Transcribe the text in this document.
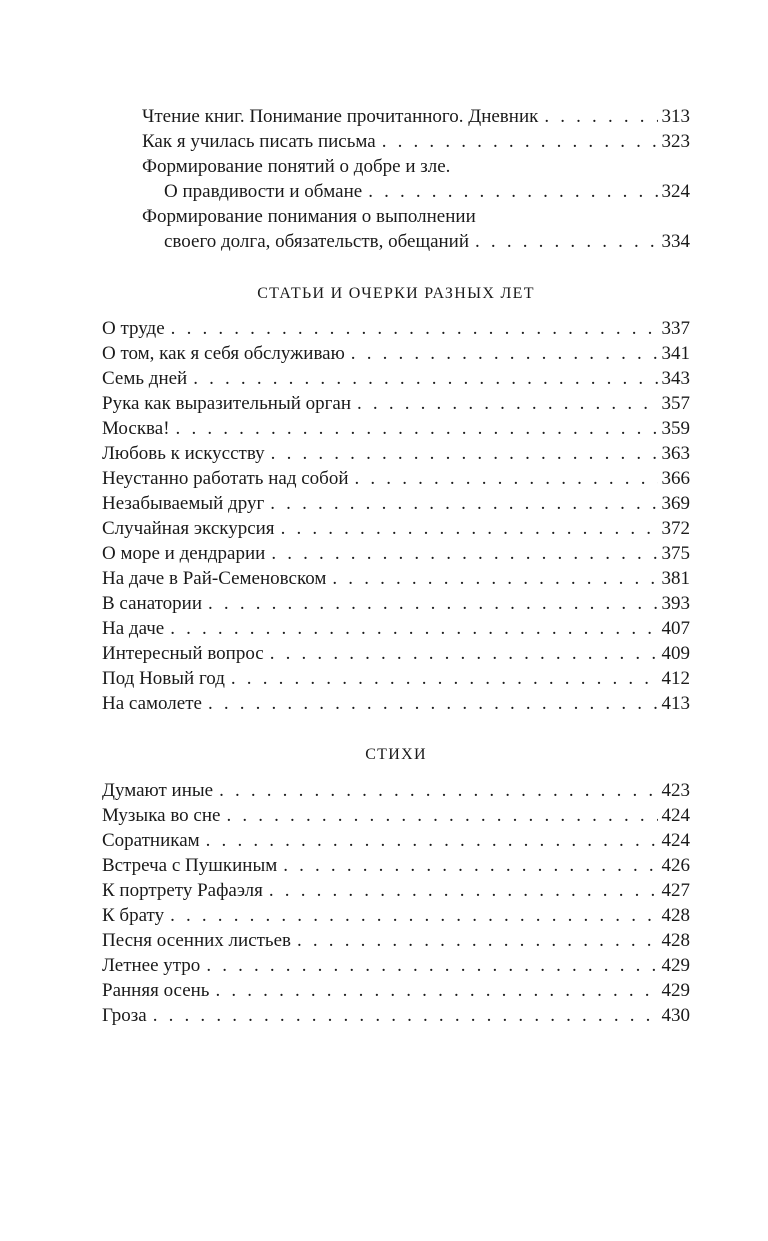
Чтение книг. Понимание прочитанного. Дневник . . .	313
Как я училась писать письма . . .	323
Формирование понятий о добре и зле.
О правдивости и обмане . . .	324
Формирование понимания о выполнении
своего долга, обязательств, обещаний . . .	334
СТАТЬИ И ОЧЕРКИ РАЗНЫХ ЛЕТ
О труде . . .	337
О том, как я себя обслуживаю . . .	341
Семь дней . . .	343
Рука как выразительный орган . . .	357
Москва! . . .	359
Любовь к искусству . . .	363
Неустанно работать над собой . . .	366
Незабываемый друг . . .	369
Случайная экскурсия . . .	372
О море и дендрарии . . .	375
На даче в Рай-Семеновском . . .	381
В санатории . . .	393
На даче . . .	407
Интересный вопрос . . .	409
Под Новый год . . .	412
На самолете . . .	413
СТИХИ
Думают иные . . .	423
Музыка во сне . . .	424
Соратникам . . .	424
Встреча с Пушкиным . . .	426
К портрету Рафаэля . . .	427
К брату . . .	428
Песня осенних листьев . . .	428
Летнее утро . . .	429
Ранняя осень . . .	429
Гроза . . .	430
